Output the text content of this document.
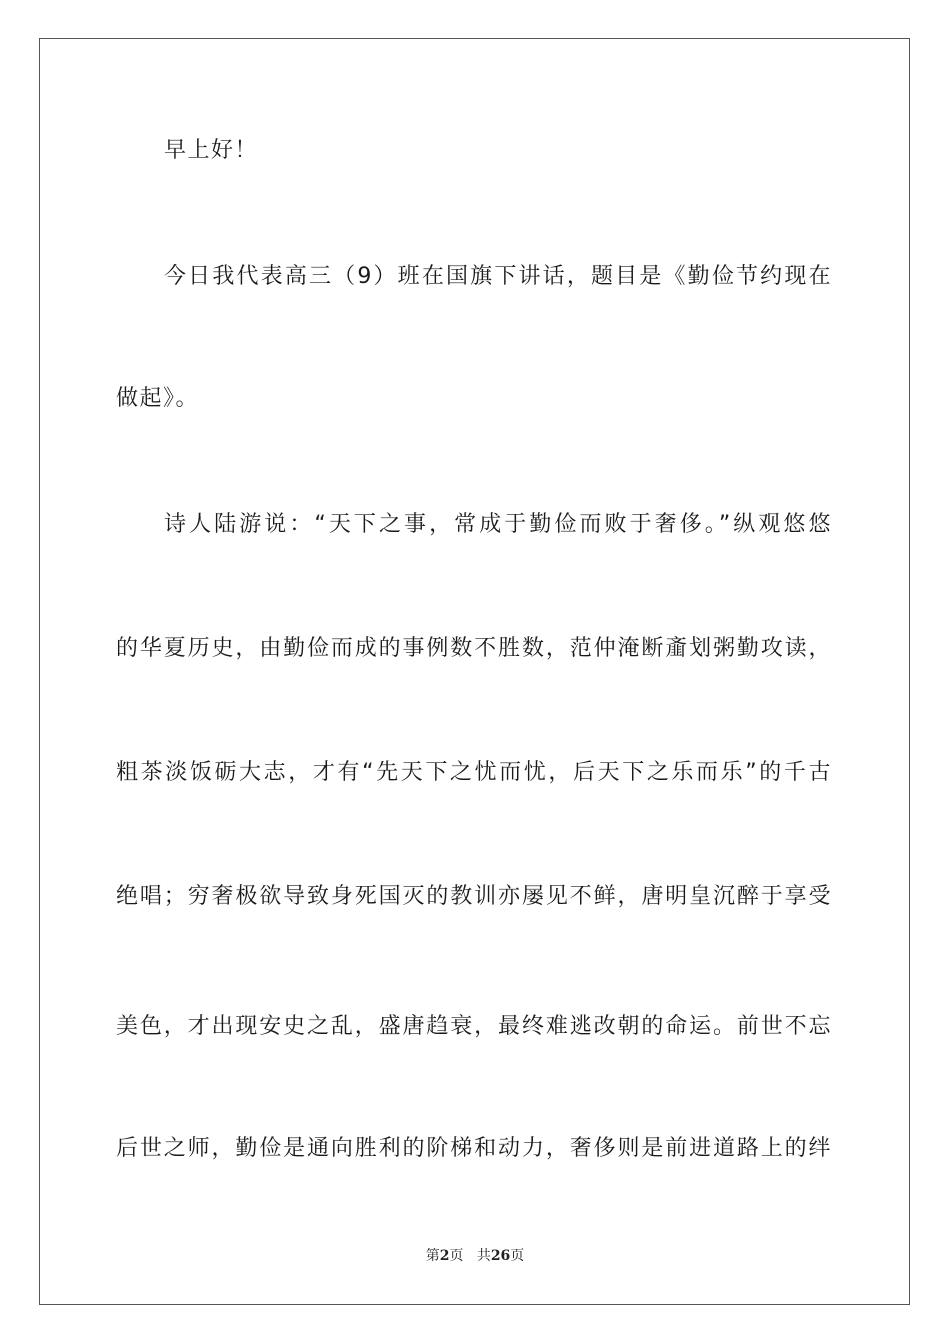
早上好！
今日我代表高三（9）班在国旗下讲话，题目是《勤俭节约现在
做起》。
诗人陆游说：“天下之事，常成于勤俭而败于奢侈。”纵观悠悠
的华夏历史，由勤俭而成的事例数不胜数，范仲淹断齑划粥勤攻读，
粗茶淡饭砺大志，才有“先天下之忧而忧，后天下之乐而乐”的千古
绝唱；穷奢极欲导致身死国灭的教训亦屡见不鲜，唐明皇沉醉于享受
美色，才出现安史之乱，盛唐趋衰，最终难逃改朝的命运。前世不忘
后世之师，勤俭是通向胜利的阶梯和动力，奢侈则是前进道路上的绊
第2页 共26页
